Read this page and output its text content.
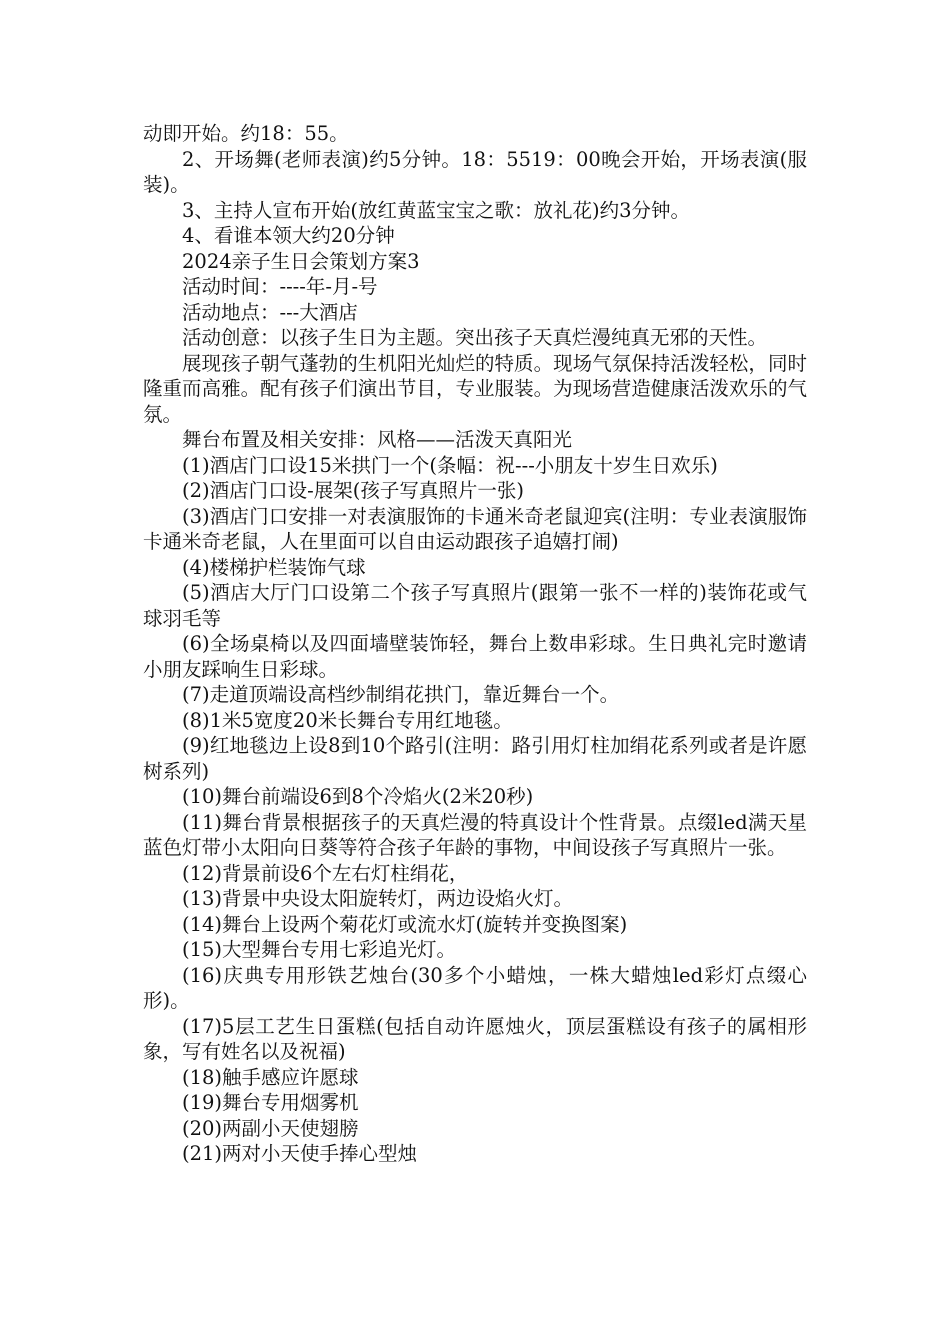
动即开始。约18：55。

2、开场舞(老师表演)约5分钟。18：5519：00晚会开始，开场表演(服装)。

3、主持人宣布开始(放红黄蓝宝宝之歌：放礼花)约3分钟。

4、看谁本领大约20分钟

2024亲子生日会策划方案3

活动时间：----年-月-号

活动地点：---大酒店

活动创意：以孩子生日为主题。突出孩子天真烂漫纯真无邪的天性。

展现孩子朝气蓬勃的生机阳光灿烂的特质。现场气氛保持活泼轻松，同时隆重而高雅。配有孩子们演出节目，专业服装。为现场营造健康活泼欢乐的气氛。

舞台布置及相关安排：风格——活泼天真阳光

(1)酒店门口设15米拱门一个(条幅：祝---小朋友十岁生日欢乐)

(2)酒店门口设-展架(孩子写真照片一张)

(3)酒店门口安排一对表演服饰的卡通米奇老鼠迎宾(注明：专业表演服饰卡通米奇老鼠，人在里面可以自由运动跟孩子追嬉打闹)

(4)楼梯护栏装饰气球

(5)酒店大厅门口设第二个孩子写真照片(跟第一张不一样的)装饰花或气球羽毛等

(6)全场桌椅以及四面墙壁装饰轻，舞台上数串彩球。生日典礼完时邀请小朋友踩响生日彩球。

(7)走道顶端设高档纱制绢花拱门，靠近舞台一个。

(8)1米5宽度20米长舞台专用红地毯。

(9)红地毯边上设8到10个路引(注明：路引用灯柱加绢花系列或者是许愿树系列)

(10)舞台前端设6到8个冷焰火(2米20秒)

(11)舞台背景根据孩子的天真烂漫的特真设计个性背景。点缀led满天星蓝色灯带小太阳向日葵等符合孩子年龄的事物，中间设孩子写真照片一张。

(12)背景前设6个左右灯柱绢花，

(13)背景中央设太阳旋转灯，两边设焰火灯。

(14)舞台上设两个菊花灯或流水灯(旋转并变换图案)

(15)大型舞台专用七彩追光灯。

(16)庆典专用形铁艺烛台(30多个小蜡烛，一株大蜡烛led彩灯点缀心形)。

(17)5层工艺生日蛋糕(包括自动许愿烛火，顶层蛋糕设有孩子的属相形象，写有姓名以及祝福)

(18)触手感应许愿球

(19)舞台专用烟雾机

(20)两副小天使翅膀

(21)两对小天使手捧心型烛
